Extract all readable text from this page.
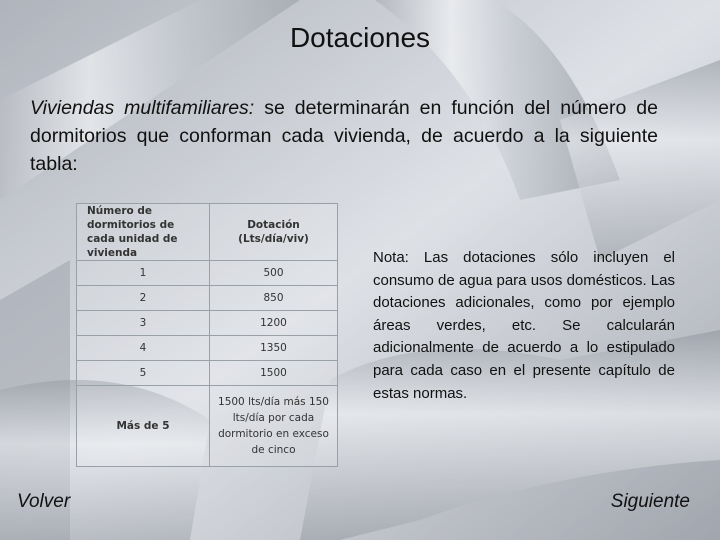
Dotaciones
Viviendas multifamiliares: se determinarán en función del número de dormitorios que conforman cada vivienda, de acuerdo a la siguiente tabla:
Número de dormitorios de cada unidad de vivienda	Dotación (Lts/día/viv)
1	500
2	850
3	1200
4	1350
5	1500
Más de 5	1500 lts/día más 150 lts/día por cada dormitorio en exceso de cinco
Nota: Las dotaciones sólo incluyen el consumo de agua para usos domésticos. Las dotaciones adicionales, como por ejemplo áreas verdes, etc. Se calcularán adicionalmente de acuerdo a lo estipulado para cada caso en el presente capítulo de estas normas.
Volver	Siguiente
